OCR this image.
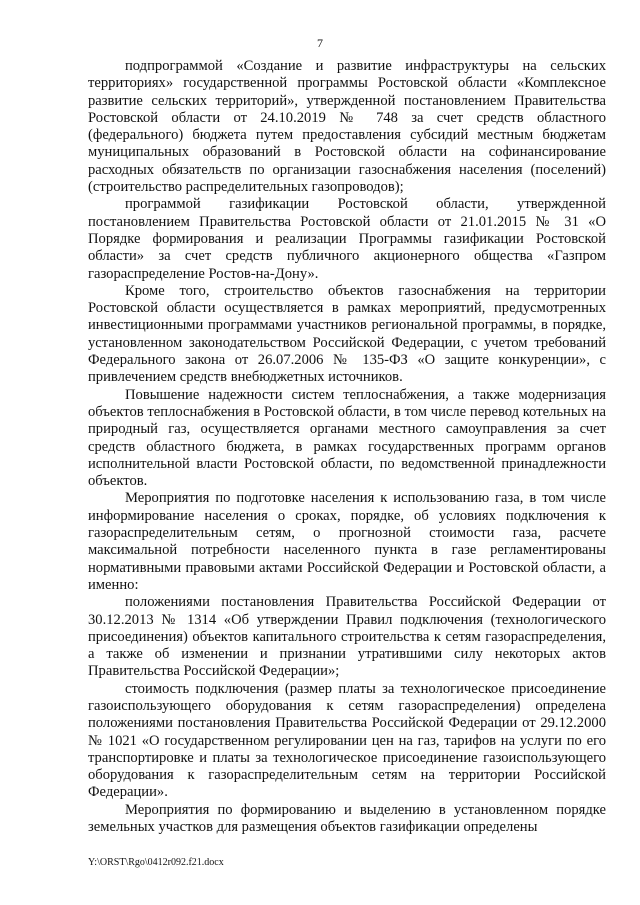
7

подпрограммой «Создание и развитие инфраструктуры на сельских территориях» государственной программы Ростовской области «Комплексное развитие сельских территорий», утвержденной постановлением Правительства Ростовской области от 24.10.2019 № 748 за счет средств областного (федерального) бюджета путем предоставления субсидий местным бюджетам муниципальных образований в Ростовской области на софинансирование расходных обязательств по организации газоснабжения населения (поселений) (строительство распределительных газопроводов);

программой газификации Ростовской области, утвержденной постановлением Правительства Ростовской области от 21.01.2015 № 31 «О Порядке формирования и реализации Программы газификации Ростовской области» за счет средств публичного акционерного общества «Газпром газораспределение Ростов-на-Дону».

Кроме того, строительство объектов газоснабжения на территории Ростовской области осуществляется в рамках мероприятий, предусмотренных инвестиционными программами участников региональной программы, в порядке, установленном законодательством Российской Федерации, с учетом требований Федерального закона от 26.07.2006 № 135-ФЗ «О защите конкуренции», с привлечением средств внебюджетных источников.

Повышение надежности систем теплоснабжения, а также модернизация объектов теплоснабжения в Ростовской области, в том числе перевод котельных на природный газ, осуществляется органами местного самоуправления за счет средств областного бюджета, в рамках государственных программ органов исполнительной власти Ростовской области, по ведомственной принадлежности объектов.

Мероприятия по подготовке населения к использованию газа, в том числе информирование населения о сроках, порядке, об условиях подключения к газораспределительным сетям, о прогнозной стоимости газа, расчете максимальной потребности населенного пункта в газе регламентированы нормативными правовыми актами Российской Федерации и Ростовской области, а именно:

положениями постановления Правительства Российской Федерации от 30.12.2013 № 1314 «Об утверждении Правил подключения (технологического присоединения) объектов капитального строительства к сетям газораспределения, а также об изменении и признании утратившими силу некоторых актов Правительства Российской Федерации»;

стоимость подключения (размер платы за технологическое присоединение газоиспользующего оборудования к сетям газораспределения) определена положениями постановления Правительства Российской Федерации от 29.12.2000 № 1021 «О государственном регулировании цен на газ, тарифов на услуги по его транспортировке и платы за технологическое присоединение газоиспользующего оборудования к газораспределительным сетям на территории Российской Федерации».

Мероприятия по формированию и выделению в установленном порядке земельных участков для размещения объектов газификации определены

Y:\ORST\Rgo\0412r092.f21.docx
